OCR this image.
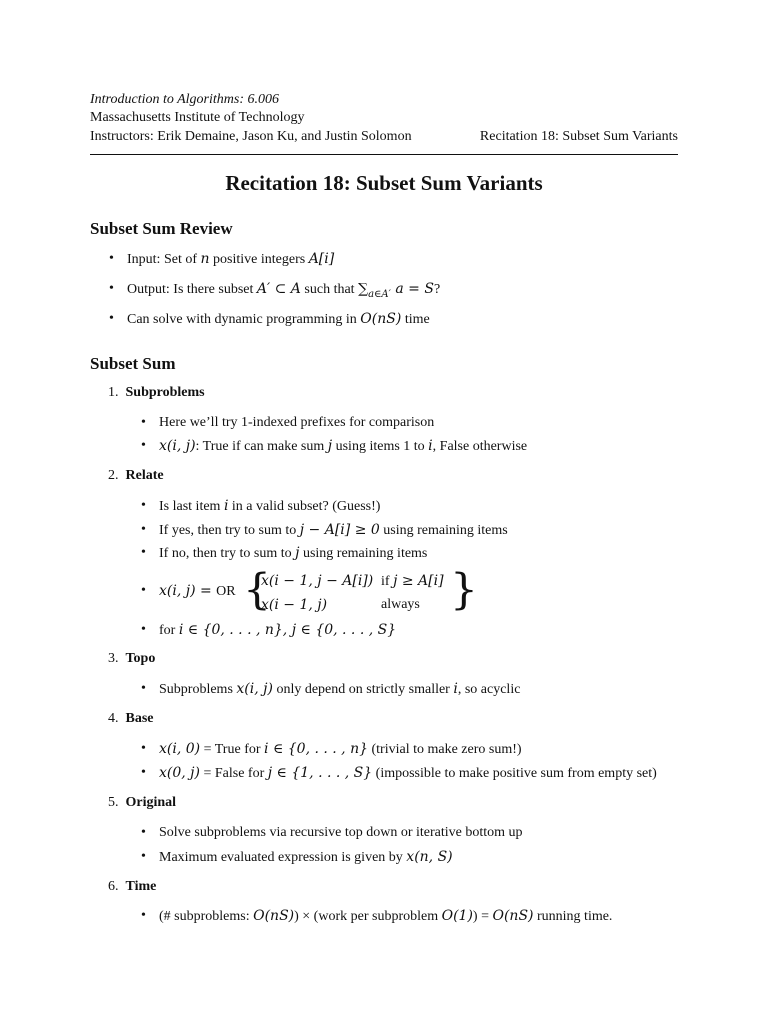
Introduction to Algorithms: 6.006
Massachusetts Institute of Technology
Instructors: Erik Demaine, Jason Ku, and Justin Solomon	Recitation 18: Subset Sum Variants
Recitation 18: Subset Sum Variants
Subset Sum Review
• Input: Set of n positive integers A[i]
• Output: Is there subset A′ ⊂ A such that $\sum_{a\in A'}$ a = S?
• Can solve with dynamic programming in O(nS) time
Subset Sum
1. Subproblems
• Here we’ll try 1-indexed prefixes for comparison
• x(i, j): True if can make sum j using items 1 to i, False otherwise
2. Relate
• Is last item i in a valid subset? (Guess!)
• If yes, then try to sum to j − A[i] ≥ 0 using remaining items
• If no, then try to sum to j using remaining items
• x(i, j) = OR {
x(i − 1, j − A[i]) if j ≥ A[i]
x(i − 1, j)	always }
• for i ∈ {0, . . . , n}, j ∈ {0, . . . , S}
3. Topo
• Subproblems x(i, j) only depend on strictly smaller i, so acyclic
4. Base
• x(i, 0) = True for i ∈ {0, . . . , n} (trivial to make zero sum!)
• x(0, j) = False for j ∈ {1, . . . , S} (impossible to make positive sum from empty set)
5. Original
• Solve subproblems via recursive top down or iterative bottom up
• Maximum evaluated expression is given by x(n, S)
6. Time
• (# subproblems: O(nS)) × (work per subproblem O(1)) = O(nS) running time.
